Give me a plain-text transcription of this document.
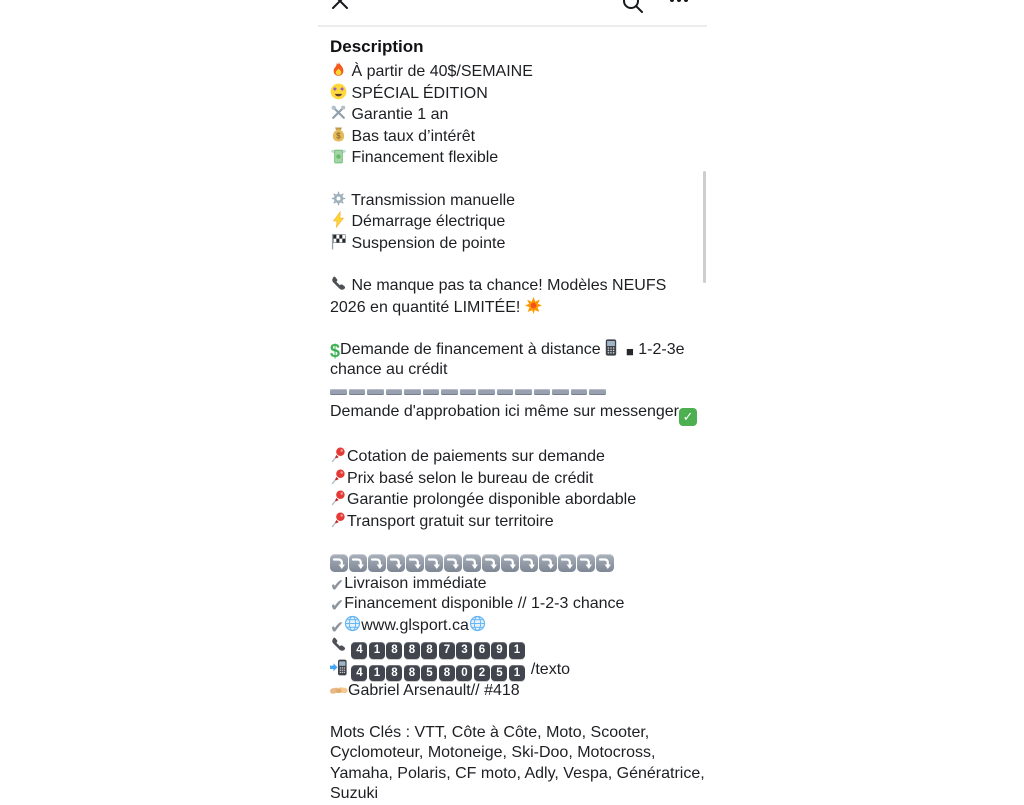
Description
À partir de 40$/SEMAINE
SPÉCIAL ÉDITION
Garantie 1 an
$ Bas taux d’intérêt
Financement flexible

Transmission manuelle
Démarrage électrique
Suspension de pointe

Ne manque pas ta chance! Modèles NEUFS 2026 en quantité LIMITÉE!

$Demande de financement à distance   ■ 1-2-3e chance au crédit
Demande d'approbation ici même sur messenger ✓

Cotation de paiements sur demande
Prix basé selon le bureau de crédit
Garantie prolongée disponible abordable
Transport gratuit sur territoire

✔Livraison immédiate
✔Financement disponible // 1-2-3 chance
✔ www.glsport.ca
4 1 8 8 8 7 3 6 9 1
4 1 8 8 5 8 0 2 5 1 /texto
Gabriel Arsenault// #418

Mots Clés : VTT, Côte à Côte, Moto, Scooter, Cyclomoteur, Motoneige, Ski-Doo, Motocross, Yamaha, Polaris, CF moto, Adly, Vespa, Génératrice, Suzuki
